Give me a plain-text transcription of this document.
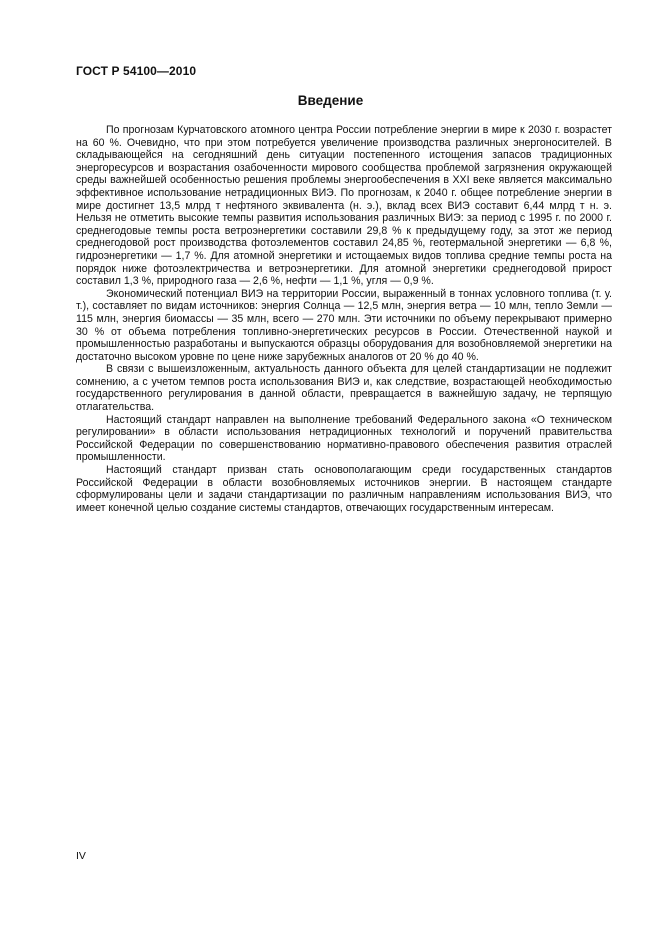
ГОСТ Р 54100—2010
Введение

По прогнозам Курчатовского атомного центра России потребление энергии в мире к 2030 г. возрастет на 60 %. Очевидно, что при этом потребуется увеличение производства различных энергоносителей. В складывающейся на сегодняшний день ситуации постепенного истощения запасов традиционных энергоресурсов и возрастания озабоченности мирового сообщества проблемой загрязнения окружающей среды важнейшей особенностью решения проблемы энергообеспечения в XXI веке является максимально эффективное использование нетрадиционных ВИЭ. По прогнозам, к 2040 г. общее потребление энергии в мире достигнет 13,5 млрд т нефтяного эквивалента (н. э.), вклад всех ВИЭ составит 6,44 млрд т н. э. Нельзя не отметить высокие темпы развития использования различных ВИЭ: за период с 1995 г. по 2000 г. среднегодовые темпы роста ветроэнергетики составили 29,8 % к предыдущему году, за этот же период среднегодовой рост производства фотоэлементов составил 24,85 %, геотермальной энергетики — 6,8 %, гидроэнергетики — 1,7 %. Для атомной энергетики и истощаемых видов топлива средние темпы роста на порядок ниже фотоэлектричества и ветроэнергетики. Для атомной энергетики среднегодовой прирост составил 1,3 %, природного газа — 2,6 %, нефти — 1,1 %, угля — 0,9 %.

Экономический потенциал ВИЭ на территории России, выраженный в тоннах условного топлива (т. у. т.), составляет по видам источников: энергия Солнца — 12,5 млн, энергия ветра — 10 млн, тепло Земли — 115 млн, энергия биомассы — 35 млн, всего — 270 млн. Эти источники по объему перекрывают примерно 30 % от объема потребления топливно-энергетических ресурсов в России. Отечественной наукой и промышленностью разработаны и выпускаются образцы оборудования для возобновляемой энергетики на достаточно высоком уровне по цене ниже зарубежных аналогов от 20 % до 40 %.

В связи с вышеизложенным, актуальность данного объекта для целей стандартизации не подлежит сомнению, а с учетом темпов роста использования ВИЭ и, как следствие, возрастающей необходимостью государственного регулирования в данной области, превращается в важнейшую задачу, не терпящую отлагательства.

Настоящий стандарт направлен на выполнение требований Федерального закона «О техническом регулировании» в области использования нетрадиционных технологий и поручений правительства Российской Федерации по совершенствованию нормативно-правового обеспечения развития отраслей промышленности.

Настоящий стандарт призван стать основополагающим среди государственных стандартов Российской Федерации в области возобновляемых источников энергии. В настоящем стандарте сформулированы цели и задачи стандартизации по различным направлениям использования ВИЭ, что имеет конечной целью создание системы стандартов, отвечающих государственным интересам.

IV
